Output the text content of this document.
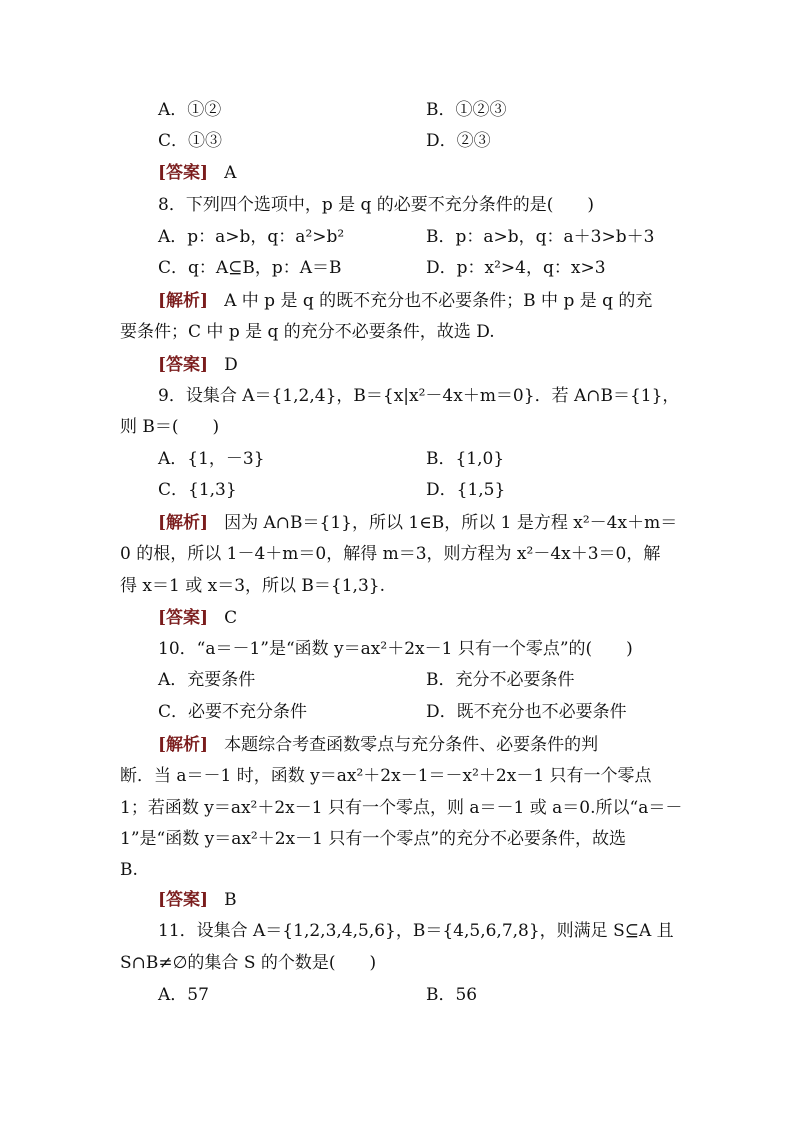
A．①②	B．①②③
C．①③	D．②③
[答案] A
8．下列四个选项中，p 是 q 的必要不充分条件的是(　　)
A．p：a>b，q：a²>b²	B．p：a>b，q：a＋3>b＋3
C．q：A⊆B，p：A＝B	D．p：x²>4，q：x>3
[解析] A 中 p 是 q 的既不充分也不必要条件；B 中 p 是 q 的充
要条件；C 中 p 是 q 的充分不必要条件，故选 D.
[答案] D
9．设集合 A＝{1,2,4}，B＝{x|x²－4x＋m＝0}．若 A∩B＝{1}，
则 B＝(　　)
A．{1，－3}	B．{1,0}
C．{1,3}	D．{1,5}
[解析] 因为 A∩B＝{1}，所以 1∈B，所以 1 是方程 x²－4x＋m＝
0 的根，所以 1－4＋m＝0，解得 m＝3，则方程为 x²－4x＋3＝0，解
得 x＝1 或 x＝3，所以 B＝{1,3}.
[答案] C
10．“a＝－1”是“函数 y＝ax²＋2x－1 只有一个零点”的(　　)
A．充要条件	B．充分不必要条件
C．必要不充分条件	D．既不充分也不必要条件
[解析] 本题综合考查函数零点与充分条件、必要条件的判
断．当 a＝－1 时，函数 y＝ax²＋2x－1＝－x²＋2x－1 只有一个零点
1；若函数 y＝ax²＋2x－1 只有一个零点，则 a＝－1 或 a＝0.所以“a＝－
1”是“函数 y＝ax²＋2x－1 只有一个零点”的充分不必要条件，故选
B.
[答案] B
11．设集合 A＝{1,2,3,4,5,6}，B＝{4,5,6,7,8}，则满足 S⊆A 且
S∩B≠∅的集合 S 的个数是(　　)
A．57	B．56
